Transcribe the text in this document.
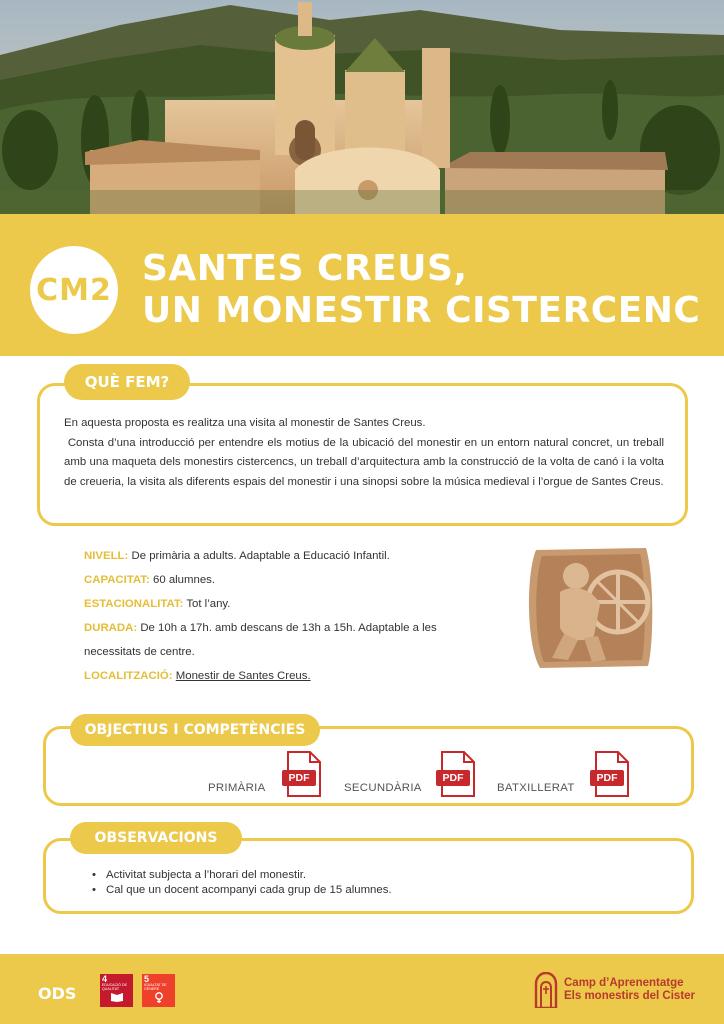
CM2
SANTES CREUS,
UN MONESTIR CISTERCENC
QUÈ FEM?

En aquesta proposta es realitza una visita al monestir de Santes Creus.

Consta d’una introducció per entendre els motius de la ubicació del monestir en un entorn natural concret, un treball amb una maqueta dels monestirs cistercencs, un treball d’arquitectura amb la construcció de la volta de canó i la volta de creueria, la visita als diferents espais del monestir i una sinopsi sobre la música medieval i l’orgue de Santes Creus.

NIVELL: De primària a adults. Adaptable a Educació Infantil.
CAPACITAT: 60 alumnes.
ESTACIONALITAT: Tot l’any.
DURADA: De 10h a 17h. amb descans de 13h a 15h. Adaptable a les
necessitats de centre.
LOCALITZACIÓ: Monestir de Santes Creus.
OBJECTIUS I COMPETÈNCIES
PRIMÀRIA
PDF
SECUNDÀRIA
PDF
BATXILLERAT
PDF
OBSERVACIONS
• Activitat subjecta a l’horari del monestir.
• Cal que un docent acompanyi cada grup de 15 alumnes.
ODS
4
EDUCACIÓ DE QUALITAT
5
IGUALTAT DE GÈNERE	Camp d’Aprenentatge
Els monestirs del Cister
